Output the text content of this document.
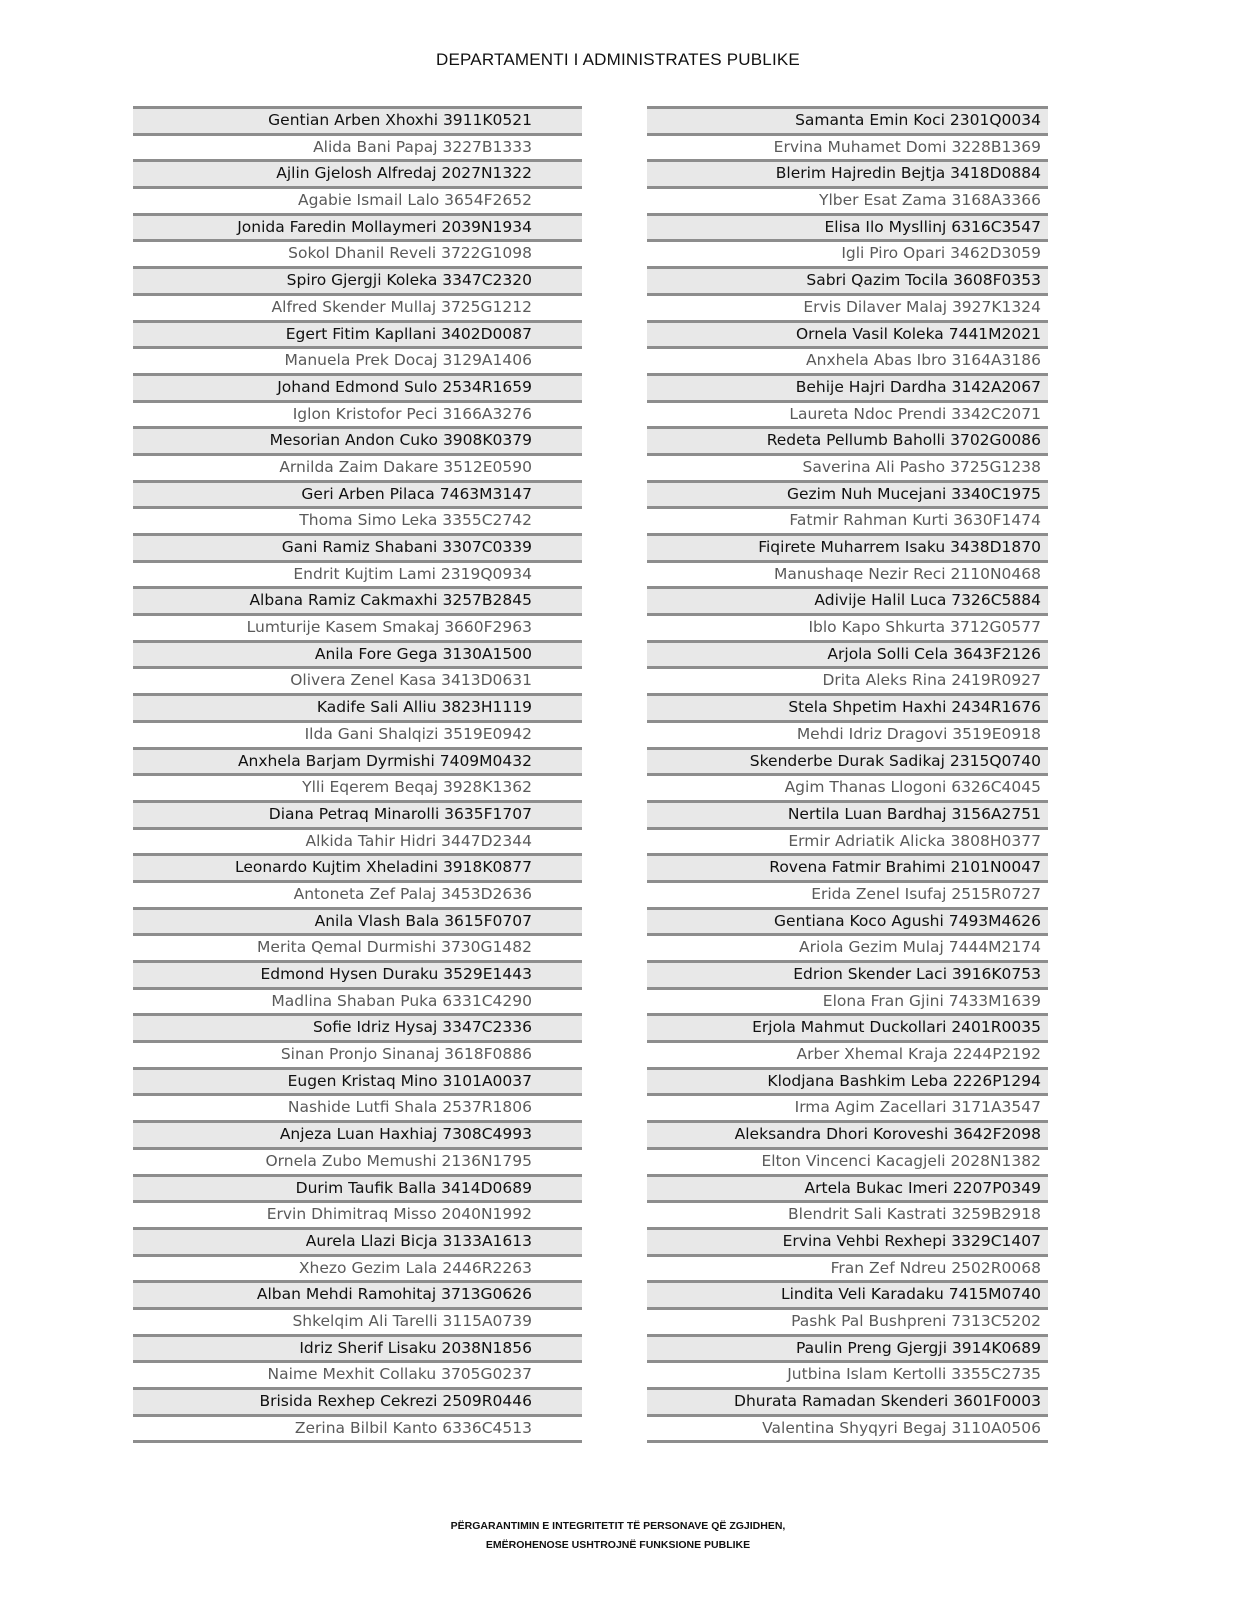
DEPARTAMENTI I ADMINISTRATES PUBLIKE
Gentian Arben Xhoxhi 3911K0521
Alida Bani Papaj 3227B1333
Ajlin Gjelosh Alfredaj 2027N1322
Agabie Ismail Lalo 3654F2652
Jonida Faredin Mollaymeri 2039N1934
Sokol Dhanil Reveli 3722G1098
Spiro Gjergji Koleka 3347C2320
Alfred Skender Mullaj 3725G1212
Egert Fitim Kapllani 3402D0087
Manuela Prek Docaj 3129A1406
Johand Edmond Sulo 2534R1659
Iglon Kristofor Peci 3166A3276
Mesorian Andon Cuko 3908K0379
Arnilda Zaim Dakare 3512E0590
Geri Arben Pilaca 7463M3147
Thoma Simo Leka 3355C2742
Gani Ramiz Shabani 3307C0339
Endrit Kujtim Lami 2319Q0934
Albana Ramiz Cakmaxhi 3257B2845
Lumturije Kasem Smakaj 3660F2963
Anila Fore Gega 3130A1500
Olivera Zenel Kasa 3413D0631
Kadife Sali Alliu 3823H1119
Ilda Gani Shalqizi 3519E0942
Anxhela Barjam Dyrmishi 7409M0432
Ylli Eqerem Beqaj 3928K1362
Diana Petraq Minarolli 3635F1707
Alkida Tahir Hidri 3447D2344
Leonardo Kujtim Xheladini 3918K0877
Antoneta Zef Palaj 3453D2636
Anila Vlash Bala 3615F0707
Merita Qemal Durmishi 3730G1482
Edmond Hysen Duraku 3529E1443
Madlina Shaban Puka 6331C4290
Sofie Idriz Hysaj 3347C2336
Sinan Pronjo Sinanaj 3618F0886
Eugen Kristaq Mino 3101A0037
Nashide Lutfi Shala 2537R1806
Anjeza Luan Haxhiaj 7308C4993
Ornela Zubo Memushi 2136N1795
Durim Taufik Balla 3414D0689
Ervin Dhimitraq Misso 2040N1992
Aurela Llazi Bicja 3133A1613
Xhezo Gezim Lala 2446R2263
Alban Mehdi Ramohitaj 3713G0626
Shkelqim Ali Tarelli 3115A0739
Idriz Sherif Lisaku 2038N1856
Naime Mexhit Collaku 3705G0237
Brisida Rexhep Cekrezi 2509R0446
Zerina Bilbil Kanto 6336C4513
Samanta Emin Koci 2301Q0034
Ervina Muhamet Domi 3228B1369
Blerim Hajredin Bejtja 3418D0884
Ylber Esat Zama 3168A3366
Elisa Ilo Mysllinj 6316C3547
Igli Piro Opari 3462D3059
Sabri Qazim Tocila 3608F0353
Ervis Dilaver Malaj 3927K1324
Ornela Vasil Koleka 7441M2021
Anxhela Abas Ibro 3164A3186
Behije Hajri Dardha 3142A2067
Laureta Ndoc Prendi 3342C2071
Redeta Pellumb Baholli 3702G0086
Saverina Ali Pasho 3725G1238
Gezim Nuh Mucejani 3340C1975
Fatmir Rahman Kurti 3630F1474
Fiqirete Muharrem Isaku 3438D1870
Manushaqe Nezir Reci 2110N0468
Adivije Halil Luca 7326C5884
Iblo Kapo Shkurta 3712G0577
Arjola Solli Cela 3643F2126
Drita Aleks Rina 2419R0927
Stela Shpetim Haxhi 2434R1676
Mehdi Idriz Dragovi 3519E0918
Skenderbe Durak Sadikaj 2315Q0740
Agim Thanas Llogoni 6326C4045
Nertila Luan Bardhaj 3156A2751
Ermir Adriatik Alicka 3808H0377
Rovena Fatmir Brahimi 2101N0047
Erida Zenel Isufaj 2515R0727
Gentiana Koco Agushi 7493M4626
Ariola Gezim Mulaj 7444M2174
Edrion Skender Laci 3916K0753
Elona Fran Gjini 7433M1639
Erjola Mahmut Duckollari 2401R0035
Arber Xhemal Kraja 2244P2192
Klodjana Bashkim Leba 2226P1294
Irma Agim Zacellari 3171A3547
Aleksandra Dhori Koroveshi 3642F2098
Elton Vincenci Kacagjeli 2028N1382
Artela Bukac Imeri 2207P0349
Blendrit Sali Kastrati 3259B2918
Ervina Vehbi Rexhepi 3329C1407
Fran Zef Ndreu 2502R0068
Lindita Veli Karadaku 7415M0740
Pashk Pal Bushpreni 7313C5202
Paulin Preng Gjergji 3914K0689
Jutbina Islam Kertolli 3355C2735
Dhurata Ramadan Skenderi 3601F0003
Valentina Shyqyri Begaj 3110A0506
PËRGARANTIMIN E INTEGRITETIT TË PERSONAVE QË ZGJIDHEN,
EMËROHENOSE USHTROJNË FUNKSIONE PUBLIKE
